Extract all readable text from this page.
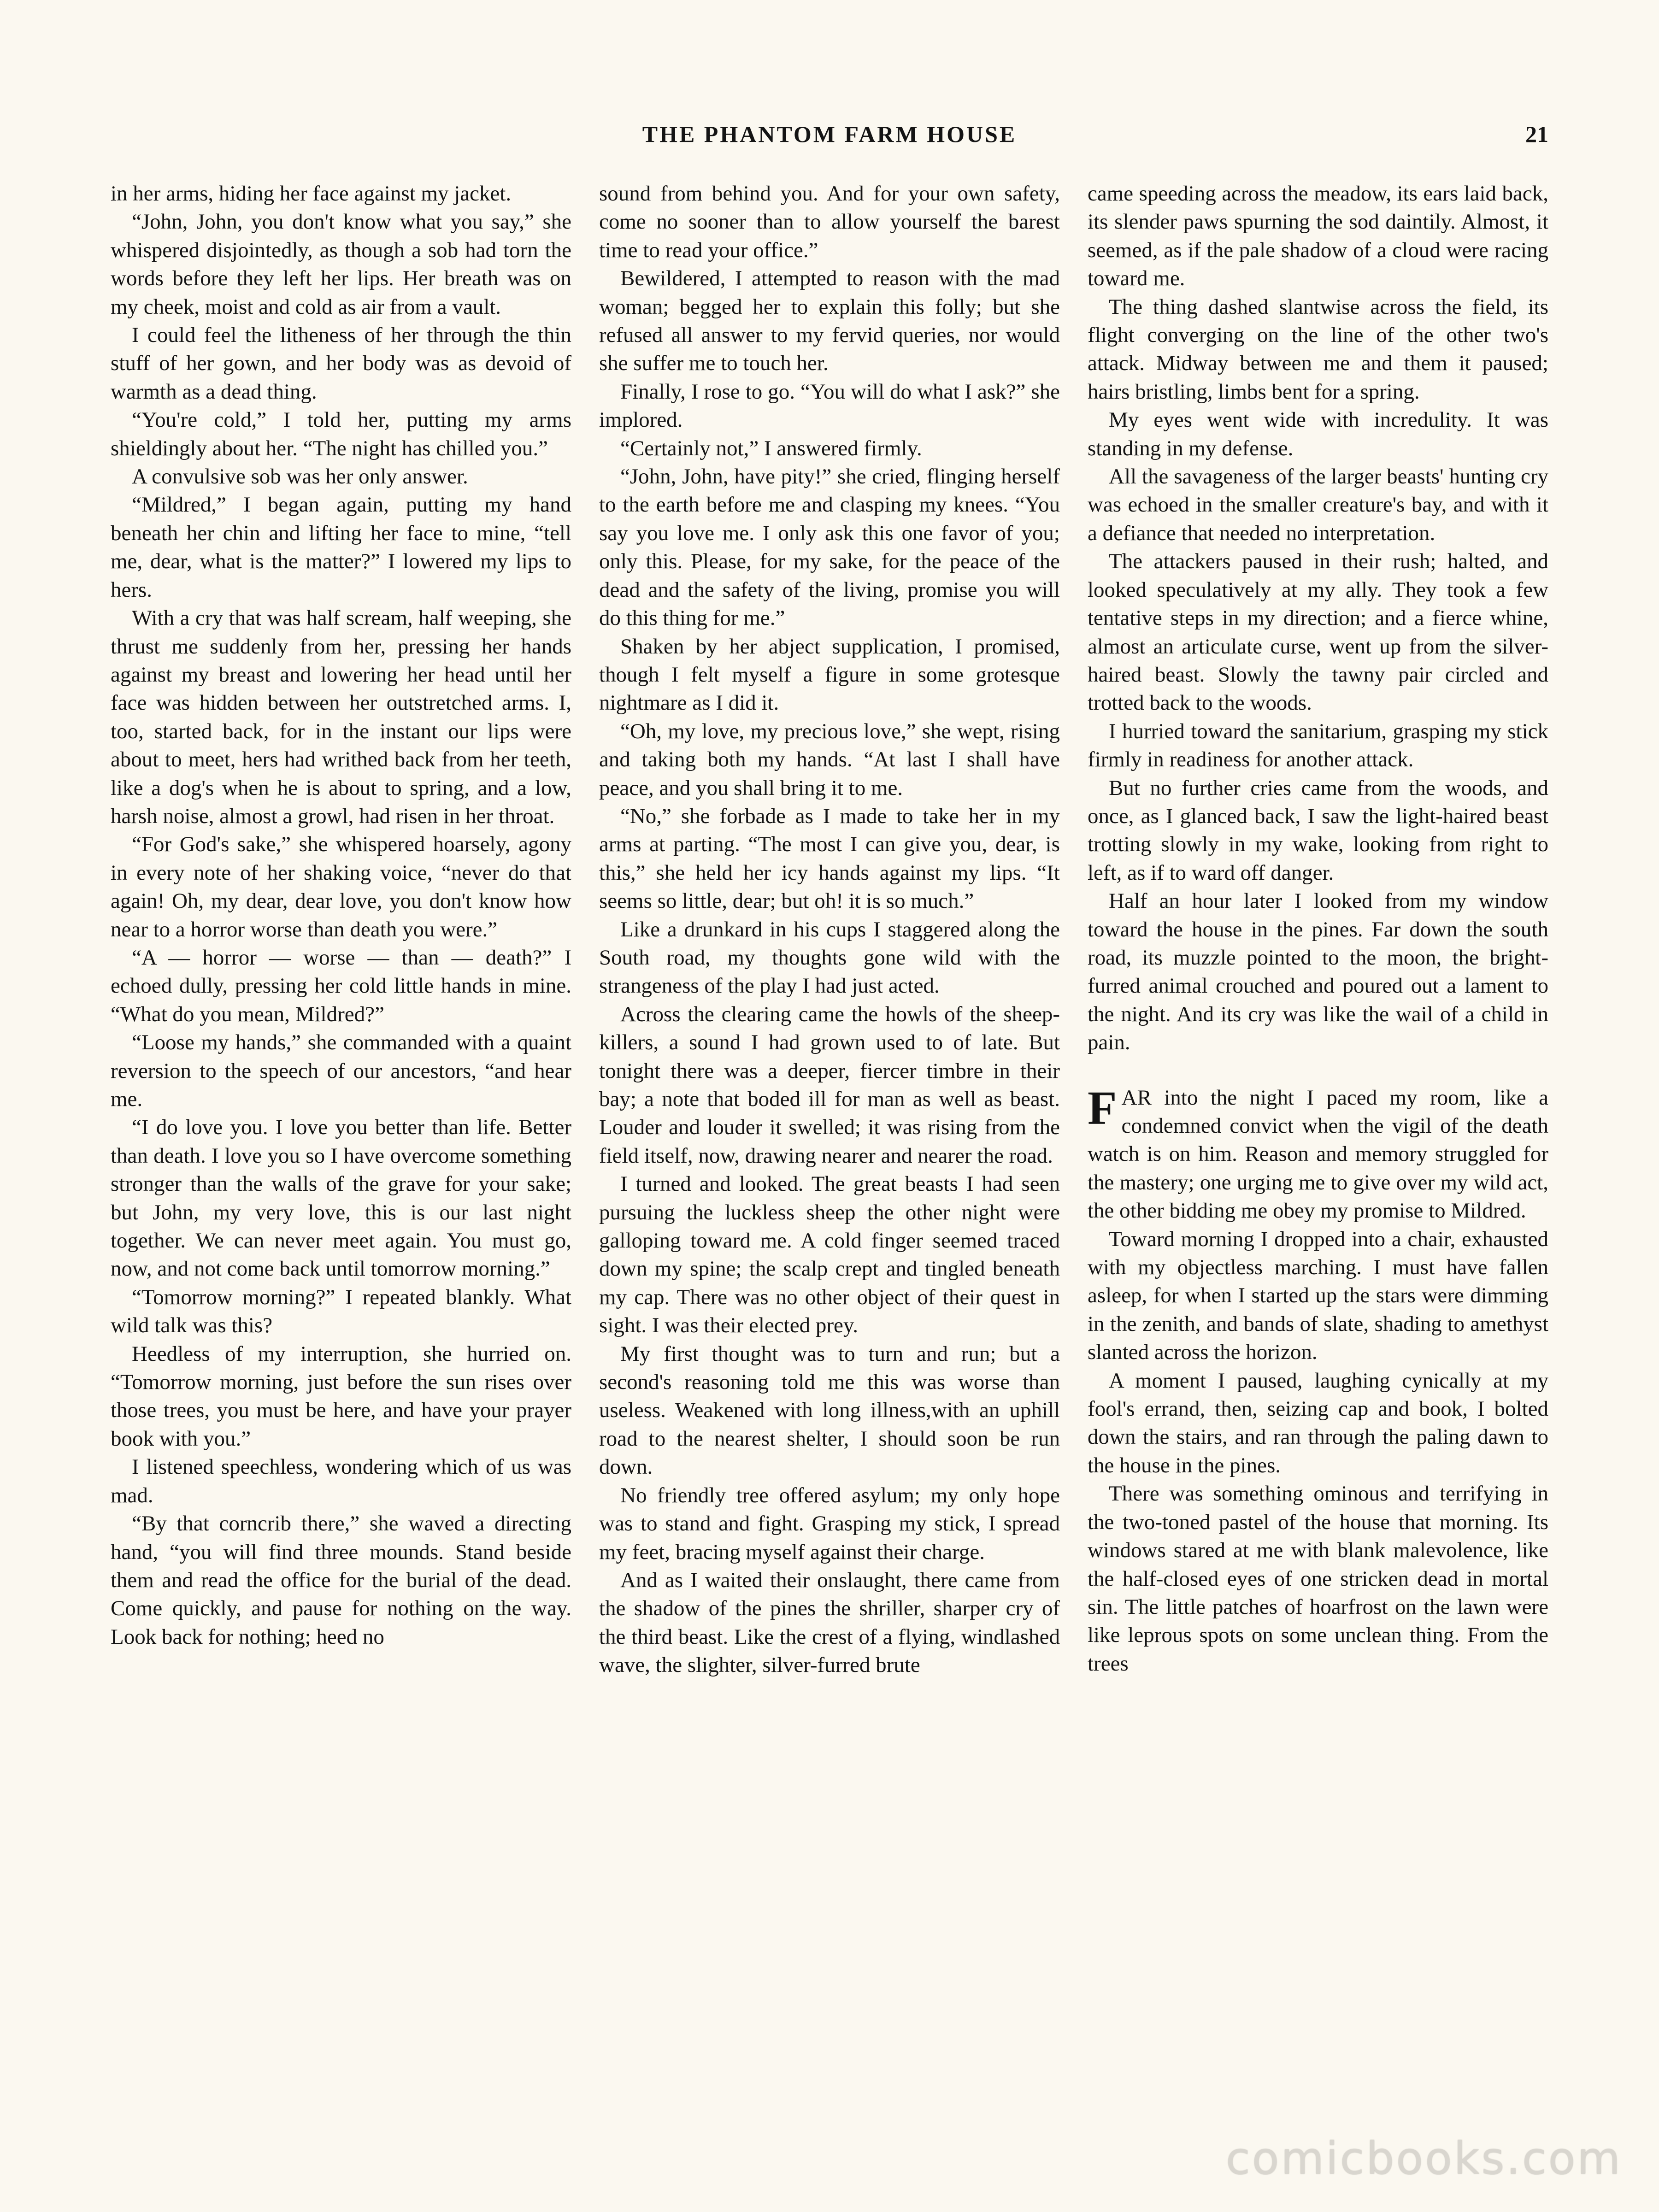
THE PHANTOM FARM HOUSE	21

in her arms, hiding her face against my jacket.

“John, John, you don't know what you say,” she whispered disjointedly, as though a sob had torn the words before they left her lips. Her breath was on my cheek, moist and cold as air from a vault.

I could feel the litheness of her through the thin stuff of her gown, and her body was as devoid of warmth as a dead thing.

“You're cold,” I told her, putting my arms shieldingly about her. “The night has chilled you.”

A convulsive sob was her only answer.

“Mildred,” I began again, putting my hand beneath her chin and lifting her face to mine, “tell me, dear, what is the matter?” I lowered my lips to hers.

With a cry that was half scream, half weeping, she thrust me suddenly from her, pressing her hands against my breast and lowering her head until her face was hidden between her outstretched arms. I, too, started back, for in the instant our lips were about to meet, hers had writhed back from her teeth, like a dog's when he is about to spring, and a low, harsh noise, almost a growl, had risen in her throat.

“For God's sake,” she whispered hoarsely, agony in every note of her shaking voice, “never do that again! Oh, my dear, dear love, you don't know how near to a horror worse than death you were.”

“A — horror — worse — than — death?” I echoed dully, pressing her cold little hands in mine. “What do you mean, Mildred?”

“Loose my hands,” she commanded with a quaint reversion to the speech of our ancestors, “and hear me.

“I do love you. I love you better than life. Better than death. I love you so I have overcome something stronger than the walls of the grave for your sake; but John, my very love, this is our last night together. We can never meet again. You must go, now, and not come back until tomorrow morning.”

“Tomorrow morning?” I repeated blankly. What wild talk was this?

Heedless of my interruption, she hurried on. “Tomorrow morning, just before the sun rises over those trees, you must be here, and have your prayer book with you.”

I listened speechless, wondering which of us was mad.

“By that corncrib there,” she waved a directing hand, “you will find three mounds. Stand beside them and read the office for the burial of the dead. Come quickly, and pause for nothing on the way. Look back for nothing; heed no

sound from behind you. And for your own safety, come no sooner than to allow yourself the barest time to read your office.”

Bewildered, I attempted to reason with the mad woman; begged her to explain this folly; but she refused all answer to my fervid queries, nor would she suffer me to touch her.

Finally, I rose to go. “You will do what I ask?” she implored.

“Certainly not,” I answered firmly.

“John, John, have pity!” she cried, flinging herself to the earth before me and clasping my knees. “You say you love me. I only ask this one favor of you; only this. Please, for my sake, for the peace of the dead and the safety of the living, promise you will do this thing for me.”

Shaken by her abject supplication, I promised, though I felt myself a figure in some grotesque nightmare as I did it.

“Oh, my love, my precious love,” she wept, rising and taking both my hands. “At last I shall have peace, and you shall bring it to me.

“No,” she forbade as I made to take her in my arms at parting. “The most I can give you, dear, is this,” she held her icy hands against my lips. “It seems so little, dear; but oh! it is so much.”

Like a drunkard in his cups I staggered along the South road, my thoughts gone wild with the strangeness of the play I had just acted.

Across the clearing came the howls of the sheep-killers, a sound I had grown used to of late. But tonight there was a deeper, fiercer timbre in their bay; a note that boded ill for man as well as beast. Louder and louder it swelled; it was rising from the field itself, now, drawing nearer and nearer the road.

I turned and looked. The great beasts I had seen pursuing the luckless sheep the other night were galloping toward me. A cold finger seemed traced down my spine; the scalp crept and tingled beneath my cap. There was no other object of their quest in sight. I was their elected prey.

My first thought was to turn and run; but a second's reasoning told me this was worse than useless. Weakened with long illness,with an uphill road to the nearest shelter, I should soon be run down.

No friendly tree offered asylum; my only hope was to stand and fight. Grasping my stick, I spread my feet, bracing myself against their charge.

And as I waited their onslaught, there came from the shadow of the pines the shriller, sharper cry of the third beast. Like the crest of a flying, windlashed wave, the slighter, silver-furred brute

came speeding across the meadow, its ears laid back, its slender paws spurning the sod daintily. Almost, it seemed, as if the pale shadow of a cloud were racing toward me.

The thing dashed slantwise across the field, its flight converging on the line of the other two's attack. Midway between me and them it paused; hairs bristling, limbs bent for a spring.

My eyes went wide with incredulity. It was standing in my defense.

All the savageness of the larger beasts' hunting cry was echoed in the smaller creature's bay, and with it a defiance that needed no interpretation.

The attackers paused in their rush; halted, and looked speculatively at my ally. They took a few tentative steps in my direction; and a fierce whine, almost an articulate curse, went up from the silver-haired beast. Slowly the tawny pair circled and trotted back to the woods.

I hurried toward the sanitarium, grasping my stick firmly in readiness for another attack.

But no further cries came from the woods, and once, as I glanced back, I saw the light-haired beast trotting slowly in my wake, looking from right to left, as if to ward off danger.

Half an hour later I looked from my window toward the house in the pines. Far down the south road, its muzzle pointed to the moon, the bright-furred animal crouched and poured out a lament to the night. And its cry was like the wail of a child in pain.

FAR into the night I paced my room, like a condemned convict when the vigil of the death watch is on him. Reason and memory struggled for the mastery; one urging me to give over my wild act, the other bidding me obey my promise to Mildred.

Toward morning I dropped into a chair, exhausted with my objectless marching. I must have fallen asleep, for when I started up the stars were dimming in the zenith, and bands of slate, shading to amethyst slanted across the horizon.

A moment I paused, laughing cynically at my fool's errand, then, seizing cap and book, I bolted down the stairs, and ran through the paling dawn to the house in the pines.

There was something ominous and terrifying in the two-toned pastel of the house that morning. Its windows stared at me with blank malevolence, like the half-closed eyes of one stricken dead in mortal sin. The little patches of hoarfrost on the lawn were like leprous spots on some unclean thing. From the trees

comicbooks.com
